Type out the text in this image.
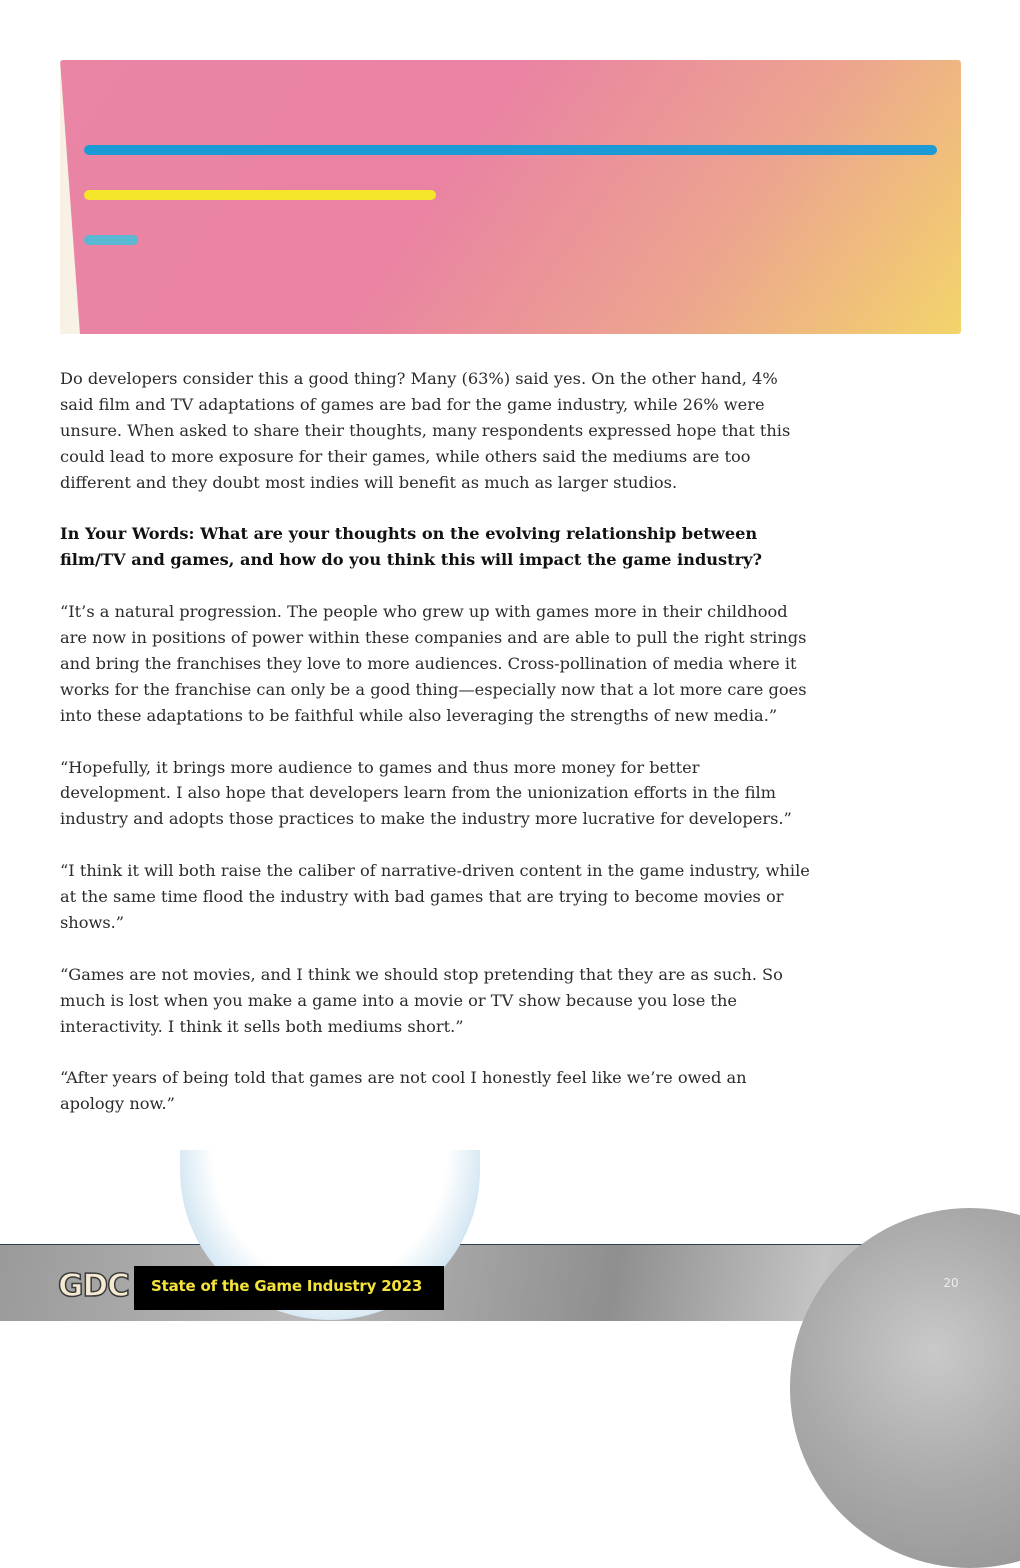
Do developers consider this a good thing? Many (63%) said yes. On the other hand, 4% said film and TV adaptations of games are bad for the game industry, while 26% were unsure. When asked to share their thoughts, many respondents expressed hope that this could lead to more exposure for their games, while others said the mediums are too different and they doubt most indies will benefit as much as larger studios.

In Your Words: What are your thoughts on the evolving relationship between film/TV and games, and how do you think this will impact the game industry?

“It’s a natural progression. The people who grew up with games more in their childhood are now in positions of power within these companies and are able to pull the right strings and bring the franchises they love to more audiences. Cross-pollination of media where it works for the franchise can only be a good thing—especially now that a lot more care goes into these adaptations to be faithful while also leveraging the strengths of new media.”

“Hopefully, it brings more audience to games and thus more money for better development. I also hope that developers learn from the unionization efforts in the film industry and adopts those practices to make the industry more lucrative for developers.”

“I think it will both raise the caliber of narrative-driven content in the game industry, while at the same time flood the industry with bad games that are trying to become movies or shows.”

“Games are not movies, and I think we should stop pretending that they are as such. So much is lost when you make a game into a movie or TV show because you lose the interactivity. I think it sells both mediums short.”

“After years of being told that games are not cool I honestly feel like we’re owed an apology now.”

GDC State of the Game Industry 2023	20
